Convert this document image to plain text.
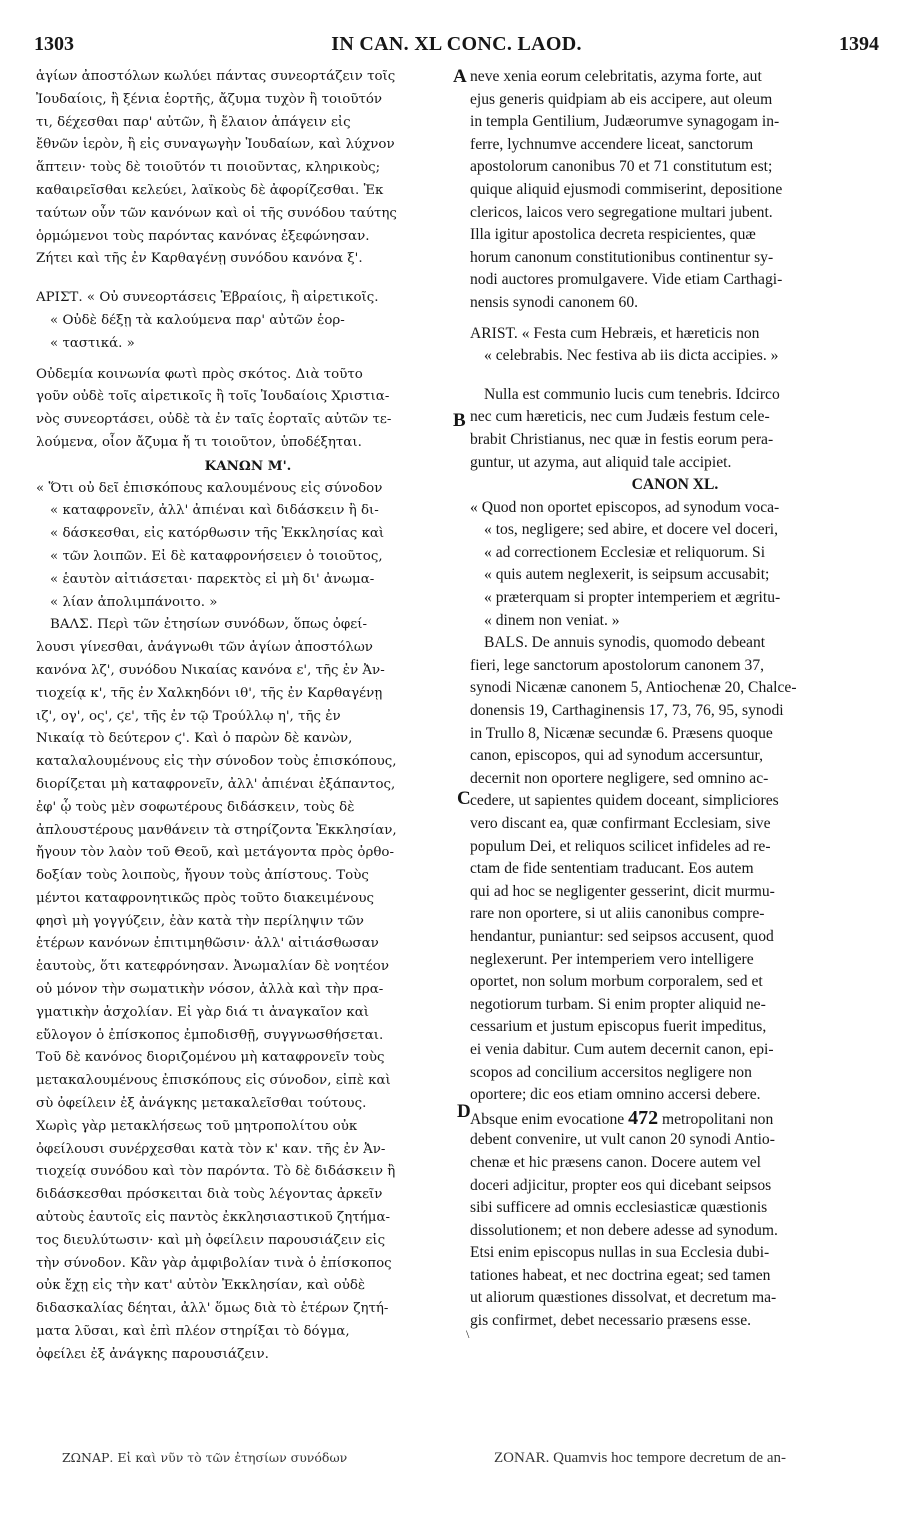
1303	IN CAN. XL CONC. LAOD.	1394
A
B
C
D
\
ἁγίων ἀποστόλων κωλύει πάντας συνεορτάζειν τοῖς
Ἰουδαίοις, ἢ ξένια ἑορτῆς, ἄζυμα τυχὸν ἢ τοιοῦτόν
τι, δέχεσθαι παρ' αὐτῶν, ἢ ἔλαιον ἀπάγειν εἰς
ἔθνῶν ἱερὸν, ἢ εἰς συναγωγὴν Ἰουδαίων, καὶ λύχνον
ἅπτειν· τοὺς δὲ τοιοῦτόν τι ποιοῦντας, κληρικοὺς;
καθαιρεῖσθαι κελεύει, λαϊκοὺς δὲ ἀφορίζεσθαι. Ἐκ
ταύτων οὖν τῶν κανόνων καὶ οἱ τῆς συνόδου ταύτης
ὁρμώμενοι τοὺς παρόντας κανόνας ἐξεφώνησαν.
Ζήτει καὶ τῆς ἐν Καρθαγένῃ συνόδου κανόνα ξ'.
ΑΡΙΣΤ. « Οὐ συνεορτάσεις Ἑβραίοις, ἢ αἱρετικοῖς.
« Οὐδὲ δέξῃ τὰ καλούμενα παρ' αὐτῶν ἑορ-
« ταστικά. »
Οὐδεμία κοινωνία φωτὶ πρὸς σκότος. Διὰ τοῦτο
γοῦν οὐδὲ τοῖς αἱρετικοῖς ἢ τοῖς Ἰουδαίοις Χριστια-
νὸς συνεορτάσει, οὐδὲ τὰ ἐν ταῖς ἑορταῖς αὐτῶν τε-
λούμενα, οἷον ἄζυμα ἤ τι τοιοῦτον, ὑποδέξηται.
ΚΑΝΩΝ Μ'.
« Ὅτι οὐ δεῖ ἐπισκόπους καλουμένους εἰς σύνοδον
« καταφρονεῖν, ἀλλ' ἀπιέναι καὶ διδάσκειν ἢ δι-
« δάσκεσθαι, εἰς κατόρθωσιν τῆς Ἐκκλησίας καὶ
« τῶν λοιπῶν. Εἰ δὲ καταφρονήσειεν ὁ τοιοῦτος,
« ἑαυτὸν αἰτιάσεται· παρεκτὸς εἰ μὴ δι' ἀνωμα-
« λίαν ἀπολιμπάνοιτο. »
ΒΑΛΣ. Περὶ τῶν ἐτησίων συνόδων, ὅπως ὀφεί-
λουσι γίνεσθαι, ἀνάγνωθι τῶν ἁγίων ἀποστόλων
κανόνα λζ', συνόδου Νικαίας κανόνα ε', τῆς ἐν Ἀν-
τιοχείᾳ κ', τῆς ἐν Χαλκηδόνι ιθ', τῆς ἐν Καρθαγένῃ
ιζ', ογ', ος', ϛε', τῆς ἐν τῷ Τρούλλῳ η', τῆς ἐν
Νικαίᾳ τὸ δεύτερον ϛ'. Καὶ ὁ παρὼν δὲ κανὼν,
καταλαλουμένους εἰς τὴν σύνοδον τοὺς ἐπισκόπους,
διορίζεται μὴ καταφρονεῖν, ἀλλ' ἀπιέναι ἐξάπαντος,
ἐφ' ᾧ τοὺς μὲν σοφωτέρους διδάσκειν, τοὺς δὲ
ἀπλουστέρους μανθάνειν τὰ στηρίζοντα Ἐκκλησίαν,
ἤγουν τὸν λαὸν τοῦ Θεοῦ, καὶ μετάγοντα πρὸς ὀρθο-
δοξίαν τοὺς λοιποὺς, ἤγουν τοὺς ἀπίστους. Τοὺς
μέντοι καταφρονητικῶς πρὸς τοῦτο διακειμένους
φησὶ μὴ γογγύζειν, ἐὰν κατὰ τὴν περίληψιν τῶν
ἑτέρων κανόνων ἐπιτιμηθῶσιν· ἀλλ' αἰτιάσθωσαν
ἑαυτοὺς, ὅτι κατεφρόνησαν. Ἀνωμαλίαν δὲ νοητέον
οὐ μόνον τὴν σωματικὴν νόσον, ἀλλὰ καὶ τὴν πρα-
γματικὴν ἀσχολίαν. Εἰ γὰρ διά τι ἀναγκαῖον καὶ
εὔλογον ὁ ἐπίσκοπος ἐμποδισθῇ, συγγνωσθήσεται.
Τοῦ δὲ κανόνος διοριζομένου μὴ καταφρονεῖν τοὺς
μετακαλουμένους ἐπισκόπους εἰς σύνοδον, εἰπὲ καὶ
σὺ ὀφείλειν ἐξ ἀνάγκης μετακαλεῖσθαι τούτους.
Χωρὶς γὰρ μετακλήσεως τοῦ μητροπολίτου οὐκ
ὀφείλουσι συνέρχεσθαι κατὰ τὸν κ' καν. τῆς ἐν Ἀν-
τιοχείᾳ συνόδου καὶ τὸν παρόντα. Τὸ δὲ διδάσκειν ἢ
διδάσκεσθαι πρόσκειται διὰ τοὺς λέγοντας ἀρκεῖν
αὐτοὺς ἑαυτοῖς εἰς παντὸς ἐκκλησιαστικοῦ ζητήμα-
τος διευλύτωσιν· καὶ μὴ ὀφείλειν παρουσιάζειν εἰς
τὴν σύνοδον. Κἂν γὰρ ἀμφιβολίαν τινὰ ὁ ἐπίσκοπος
οὐκ ἔχῃ εἰς τὴν κατ' αὐτὸν Ἐκκλησίαν, καὶ οὐδὲ
διδασκαλίας δέηται, ἀλλ' ὅμως διὰ τὸ ἑτέρων ζητή-
ματα λῦσαι, καὶ ἐπὶ πλέον στηρίξαι τὸ δόγμα,
ὀφείλει ἐξ ἀνάγκης παρουσιάζειν.
neve xenia eorum celebritatis, azyma forte, aut
ejus generis quidpiam ab eis accipere, aut oleum
in templa Gentilium, Judæorumve synagogam in-
ferre, lychnumve accendere liceat, sanctorum
apostolorum canonibus 70 et 71 constitutum est;
quique aliquid ejusmodi commiserint, depositione
clericos, laicos vero segregatione multari jubent.
Illa igitur apostolica decreta respicientes, quæ
horum canonum constitutionibus continentur sy-
nodi auctores promulgavere. Vide etiam Carthagi-
nensis synodi canonem 60.
ARIST. « Festa cum Hebræis, et hæreticis non
« celebrabis. Nec festiva ab iis dicta accipies. »
Nulla est communio lucis cum tenebris. Idcirco
nec cum hæreticis, nec cum Judæis festum cele-
brabit Christianus, nec quæ in festis eorum pera-
guntur, ut azyma, aut aliquid tale accipiet.
CANON XL.
« Quod non oportet episcopos, ad synodum voca-
« tos, negligere; sed abire, et docere vel doceri,
« ad correctionem Ecclesiæ et reliquorum. Si
« quis autem neglexerit, is seipsum accusabit;
« præterquam si propter intemperiem et ægritu-
« dinem non veniat. »
BALS. De annuis synodis, quomodo debeant
fieri, lege sanctorum apostolorum canonem 37,
synodi Nicænæ canonem 5, Antiochenæ 20, Chalce-
donensis 19, Carthaginensis 17, 73, 76, 95, synodi
in Trullo 8, Nicænæ secundæ 6. Præsens quoque
canon, episcopos, qui ad synodum accersuntur,
decernit non oportere negligere, sed omnino ac-
cedere, ut sapientes quidem doceant, simpliciores
vero discant ea, quæ confirmant Ecclesiam, sive
populum Dei, et reliquos scilicet infideles ad re-
ctam de fide sententiam traducant. Eos autem
qui ad hoc se negligenter gesserint, dicit murmu-
rare non oportere, si ut aliis canonibus compre-
hendantur, puniantur: sed seipsos accusent, quod
neglexerunt. Per intemperiem vero intelligere
oportet, non solum morbum corporalem, sed et
negotiorum turbam. Si enim propter aliquid ne-
cessarium et justum episcopus fuerit impeditus,
ei venia dabitur. Cum autem decernit canon, epi-
scopos ad concilium accersitos negligere non
oportere; dic eos etiam omnino accersi debere.
Absque enim evocatione 472 metropolitani non
debent convenire, ut vult canon 20 synodi Antio-
chenæ et hic præsens canon. Docere autem vel
doceri adjicitur, propter eos qui dicebant seipsos
sibi sufficere ad omnis ecclesiasticæ quæstionis
dissolutionem; et non debere adesse ad synodum.
Etsi enim episcopus nullas in sua Ecclesia dubi-
tationes habeat, et nec doctrina egeat; sed tamen
ut aliorum quæstiones dissolvat, et decretum ma-
gis confirmet, debet necessario præsens esse.
ΖΩΝΑΡ. Εἰ καὶ νῦν τὸ τῶν ἐτησίων συνόδων	ZONAR. Quamvis hoc tempore decretum de an-
